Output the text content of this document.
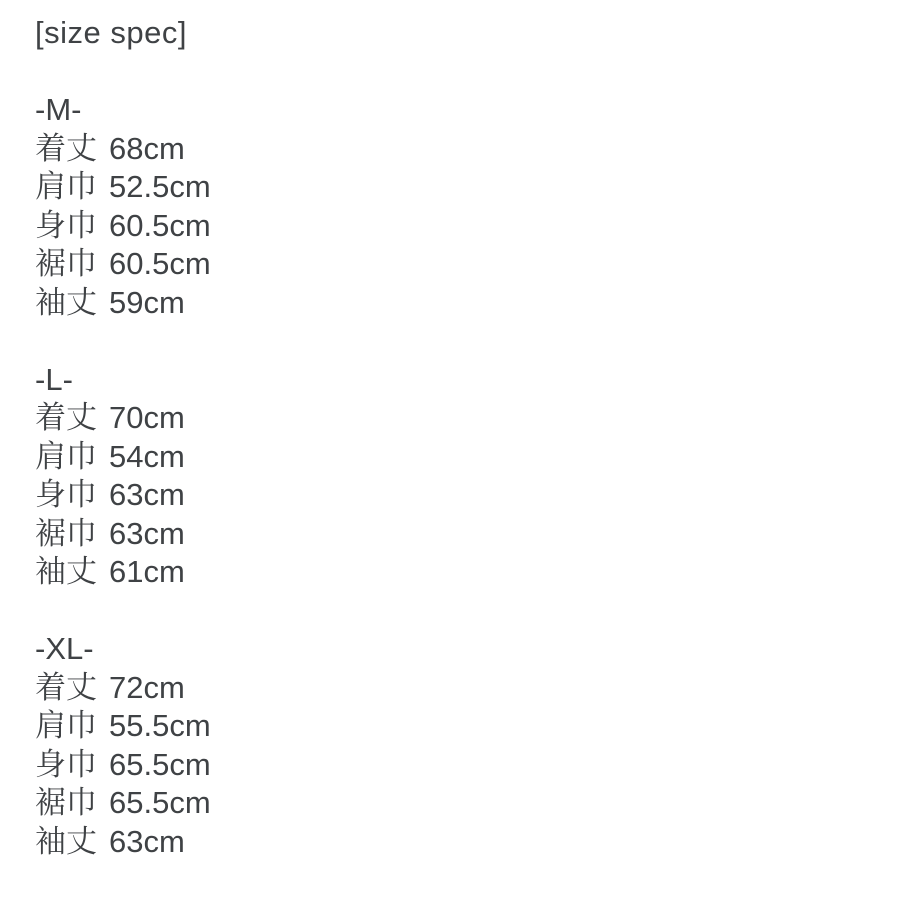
[size spec]
-M-
着丈 68cm
肩巾 52.5cm
身巾 60.5cm
裾巾 60.5cm
袖丈 59cm
-L-
着丈 70cm
肩巾 54cm
身巾 63cm
裾巾 63cm
袖丈 61cm
-XL-
着丈 72cm
肩巾 55.5cm
身巾 65.5cm
裾巾 65.5cm
袖丈 63cm
